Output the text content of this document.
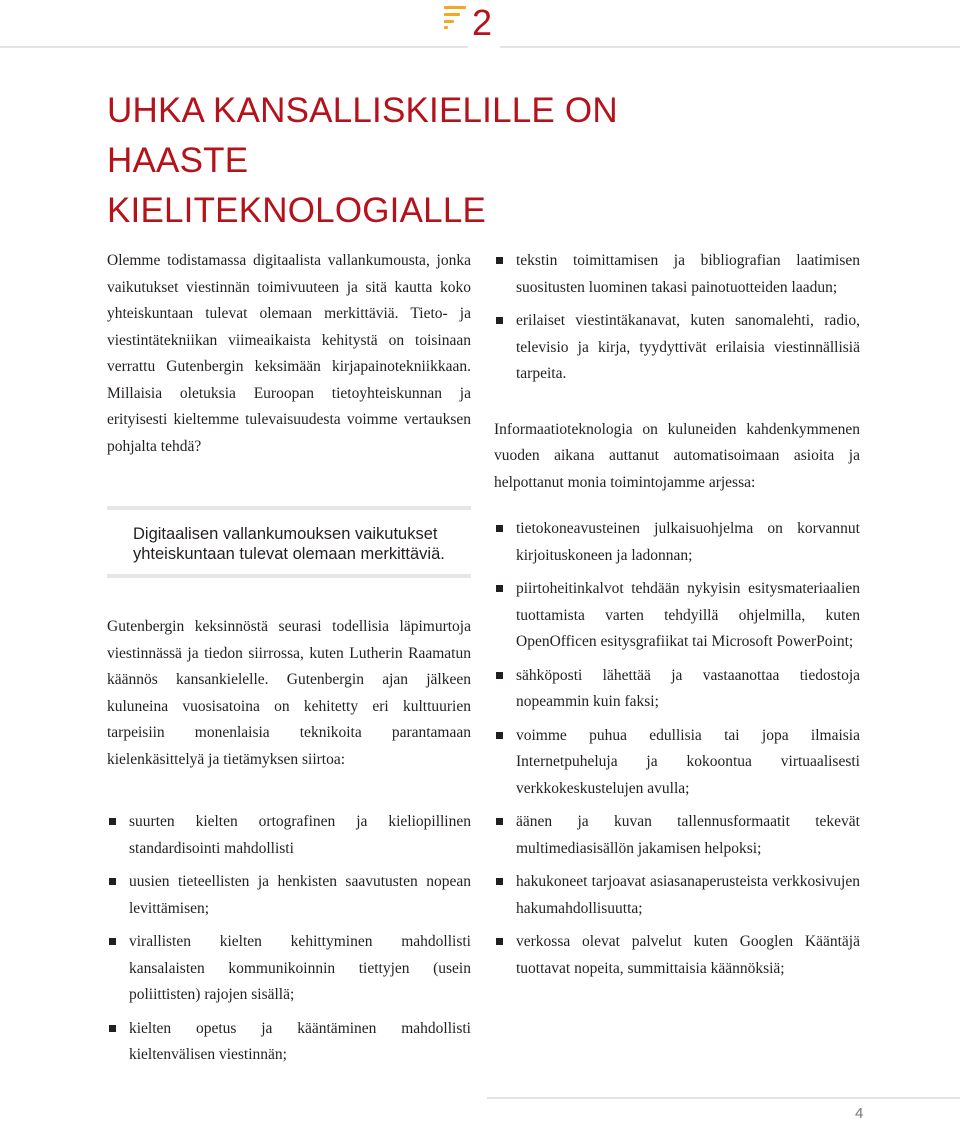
2
UHKA KANSALLISKIELILLE ON HAASTE
KIELITEKNOLOGIALLE

Olemme todistamassa digitaalista vallankumousta, jonka vaikutukset viestinnän toimivuuteen ja sitä kautta koko yhteiskuntaan tulevat olemaan merkittäviä. Tieto- ja viestintätekniikan viimeaikaista kehitystä on toisinaan verrattu Gutenbergin keksimään kirjapainotekniikkaan. Millaisia oletuksia Euroopan tietoyhteiskunnan ja erityisesti kieltemme tulevaisuudesta voimme vertauksen pohjalta tehdä?

Digitaalisen vallankumouksen vaikutukset
yhteiskuntaan tulevat olemaan merkittäviä.

Gutenbergin keksinnöstä seurasi todellisia läpimurtoja viestinnässä ja tiedon siirrossa, kuten Lutherin Raamatun käännös kansankielelle. Gutenbergin ajan jälkeen kuluneina vuosisatoina on kehitetty eri kulttuurien tarpeisiin monenlaisia teknikoita parantamaan kielenkäsittelyä ja tietämyksen siirtoa:

suurten kielten ortografinen ja kieliopillinen standardisointi mahdollisti
uusien tieteellisten ja henkisten saavutusten nopean levittämisen;
virallisten kielten kehittyminen mahdollisti kansalaisten kommunikoinnin tiettyjen (usein poliittisten) rajojen sisällä;
kielten opetus ja kääntäminen mahdollisti kieltenvälisen viestinnän;
tekstin toimittamisen ja bibliografian laatimisen suositusten luominen takasi painotuotteiden laadun;
erilaiset viestintäkanavat, kuten sanomalehti, radio, televisio ja kirja, tyydyttivät erilaisia viestinnällisiä tarpeita.

Informaatioteknologia on kuluneiden kahdenkymmenen vuoden aikana auttanut automatisoimaan asioita ja helpottanut monia toimintojamme arjessa:

tietokoneavusteinen julkaisuohjelma on korvannut kirjoituskoneen ja ladonnan;
piirtoheitinkalvot tehdään nykyisin esitysmateriaalien tuottamista varten tehdyillä ohjelmilla, kuten OpenOfficen esitysgrafiikat tai Microsoft PowerPoint;
sähköposti lähettää ja vastaanottaa tiedostoja nopeammin kuin faksi;
voimme puhua edullisia tai jopa ilmaisia Internetpuheluja ja kokoontua virtuaalisesti verkkokeskustelujen avulla;
äänen ja kuvan tallennusformaatit tekevät multimediasisällön jakamisen helpoksi;
hakukoneet tarjoavat asiasanaperusteista verkkosivujen hakumahdollisuutta;
verkossa olevat palvelut kuten Googlen Kääntäjä tuottavat nopeita, summittaisia käännöksiä;
4
